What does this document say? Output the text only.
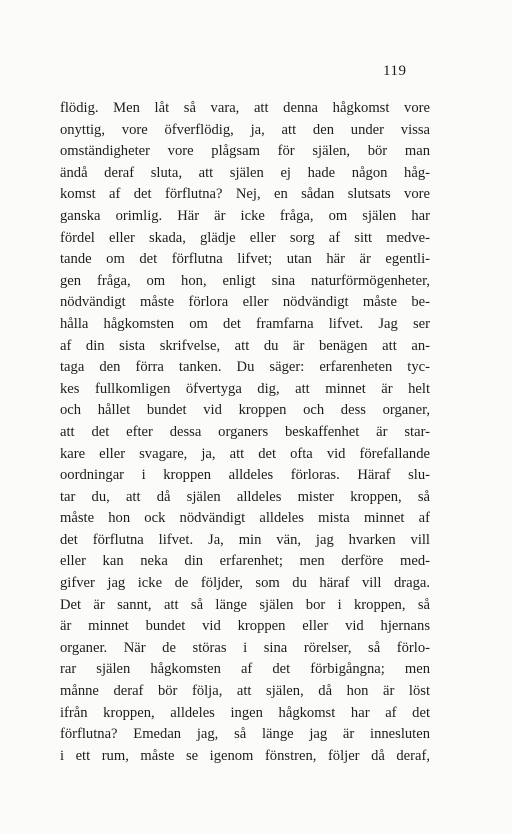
119
flödig. Men låt så vara, att denna hågkomst vore
onyttig, vore öfverflödig, ja, att den under vissa
omständigheter vore plågsam för själen, bör man
ändå deraf sluta, att själen ej hade någon håg-
komst af det förflutna? Nej, en sådan slutsats vore
ganska orimlig. Här är icke fråga, om själen har
fördel eller skada, glädje eller sorg af sitt medve-
tande om det förflutna lifvet; utan här är egentli-
gen fråga, om hon, enligt sina naturförmögenheter,
nödvändigt måste förlora eller nödvändigt måste be-
hålla hågkomsten om det framfarna lifvet. Jag ser
af din sista skrifvelse, att du är benägen att an-
taga den förra tanken. Du säger: erfarenheten tyc-
kes fullkomligen öfvertyga dig, att minnet är helt
och hållet bundet vid kroppen och dess organer,
att det efter dessa organers beskaffenhet är star-
kare eller svagare, ja, att det ofta vid förefallande
oordningar i kroppen alldeles förloras. Häraf slu-
tar du, att då själen alldeles mister kroppen, så
måste hon ock nödvändigt alldeles mista minnet af
det förflutna lifvet. Ja, min vän, jag hvarken vill
eller kan neka din erfarenhet; men derföre med-
gifver jag icke de följder, som du häraf vill draga.
Det är sannt, att så länge själen bor i kroppen, så
är minnet bundet vid kroppen eller vid hjernans
organer. När de störas i sina rörelser, så förlo-
rar själen hågkomsten af det förbigångna; men
månne deraf bör följa, att själen, då hon är löst
ifrån kroppen, alldeles ingen hågkomst har af det
förflutna? Emedan jag, så länge jag är innesluten
i ett rum, måste se igenom fönstren, följer då deraf,
